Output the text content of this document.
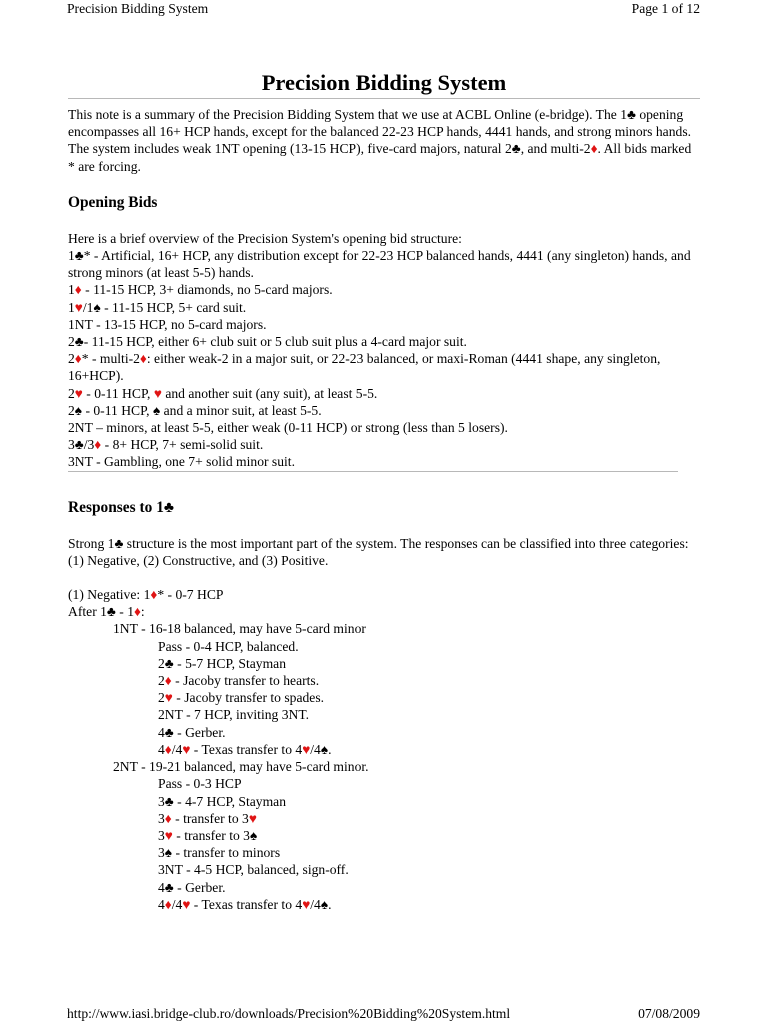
Precision Bidding System	Page 1 of 12
Precision Bidding System

This note is a summary of the Precision Bidding System that we use at ACBL Online (e-bridge). The 1♣ opening encompasses all 16+ HCP hands, except for the balanced 22-23 HCP hands, 4441 hands, and strong minors hands. The system includes weak 1NT opening (13-15 HCP), five-card majors, natural 2♣, and multi-2♦. All bids marked * are forcing.

Opening Bids

Here is a brief overview of the Precision System's opening bid structure:

1♣* - Artificial, 16+ HCP, any distribution except for 22-23 HCP balanced hands, 4441 (any singleton) hands, and strong minors (at least 5-5) hands.
1♦ - 11-15 HCP, 3+ diamonds, no 5-card majors.
1♥/1♠ - 11-15 HCP, 5+ card suit.
1NT - 13-15 HCP, no 5-card majors.
2♣- 11-15 HCP, either 6+ club suit or 5 club suit plus a 4-card major suit.
2♦* - multi-2♦: either weak-2 in a major suit, or 22-23 balanced, or maxi-Roman (4441 shape, any singleton, 16+HCP).
2♥ - 0-11 HCP, ♥ and another suit (any suit), at least 5-5.
2♠ - 0-11 HCP, ♠ and a minor suit, at least 5-5.
2NT – minors, at least 5-5, either weak (0-11 HCP) or strong (less than 5 losers).
3♣/3♦ - 8+ HCP, 7+ semi-solid suit.
3NT - Gambling, one 7+ solid minor suit.
Responses to 1♣

Strong 1♣ structure is the most important part of the system. The responses can be classified into three categories: (1) Negative, (2) Constructive, and (3) Positive.

(1) Negative: 1♦* - 0-7 HCP
After 1♣ - 1♦:
1NT - 16-18 balanced, may have 5-card minor
Pass - 0-4 HCP, balanced.
2♣ - 5-7 HCP, Stayman
2♦ - Jacoby transfer to hearts.
2♥ - Jacoby transfer to spades.
2NT - 7 HCP, inviting 3NT.
4♣ - Gerber.
4♦/4♥ - Texas transfer to 4♥/4♠.
2NT - 19-21 balanced, may have 5-card minor.
Pass - 0-3 HCP
3♣ - 4-7 HCP, Stayman
3♦ - transfer to 3♥
3♥ - transfer to 3♠
3♠ - transfer to minors
3NT - 4-5 HCP, balanced, sign-off.
4♣ - Gerber.
4♦/4♥ - Texas transfer to 4♥/4♠.
http://www.iasi.bridge-club.ro/downloads/Precision%20Bidding%20System.html	07/08/2009
